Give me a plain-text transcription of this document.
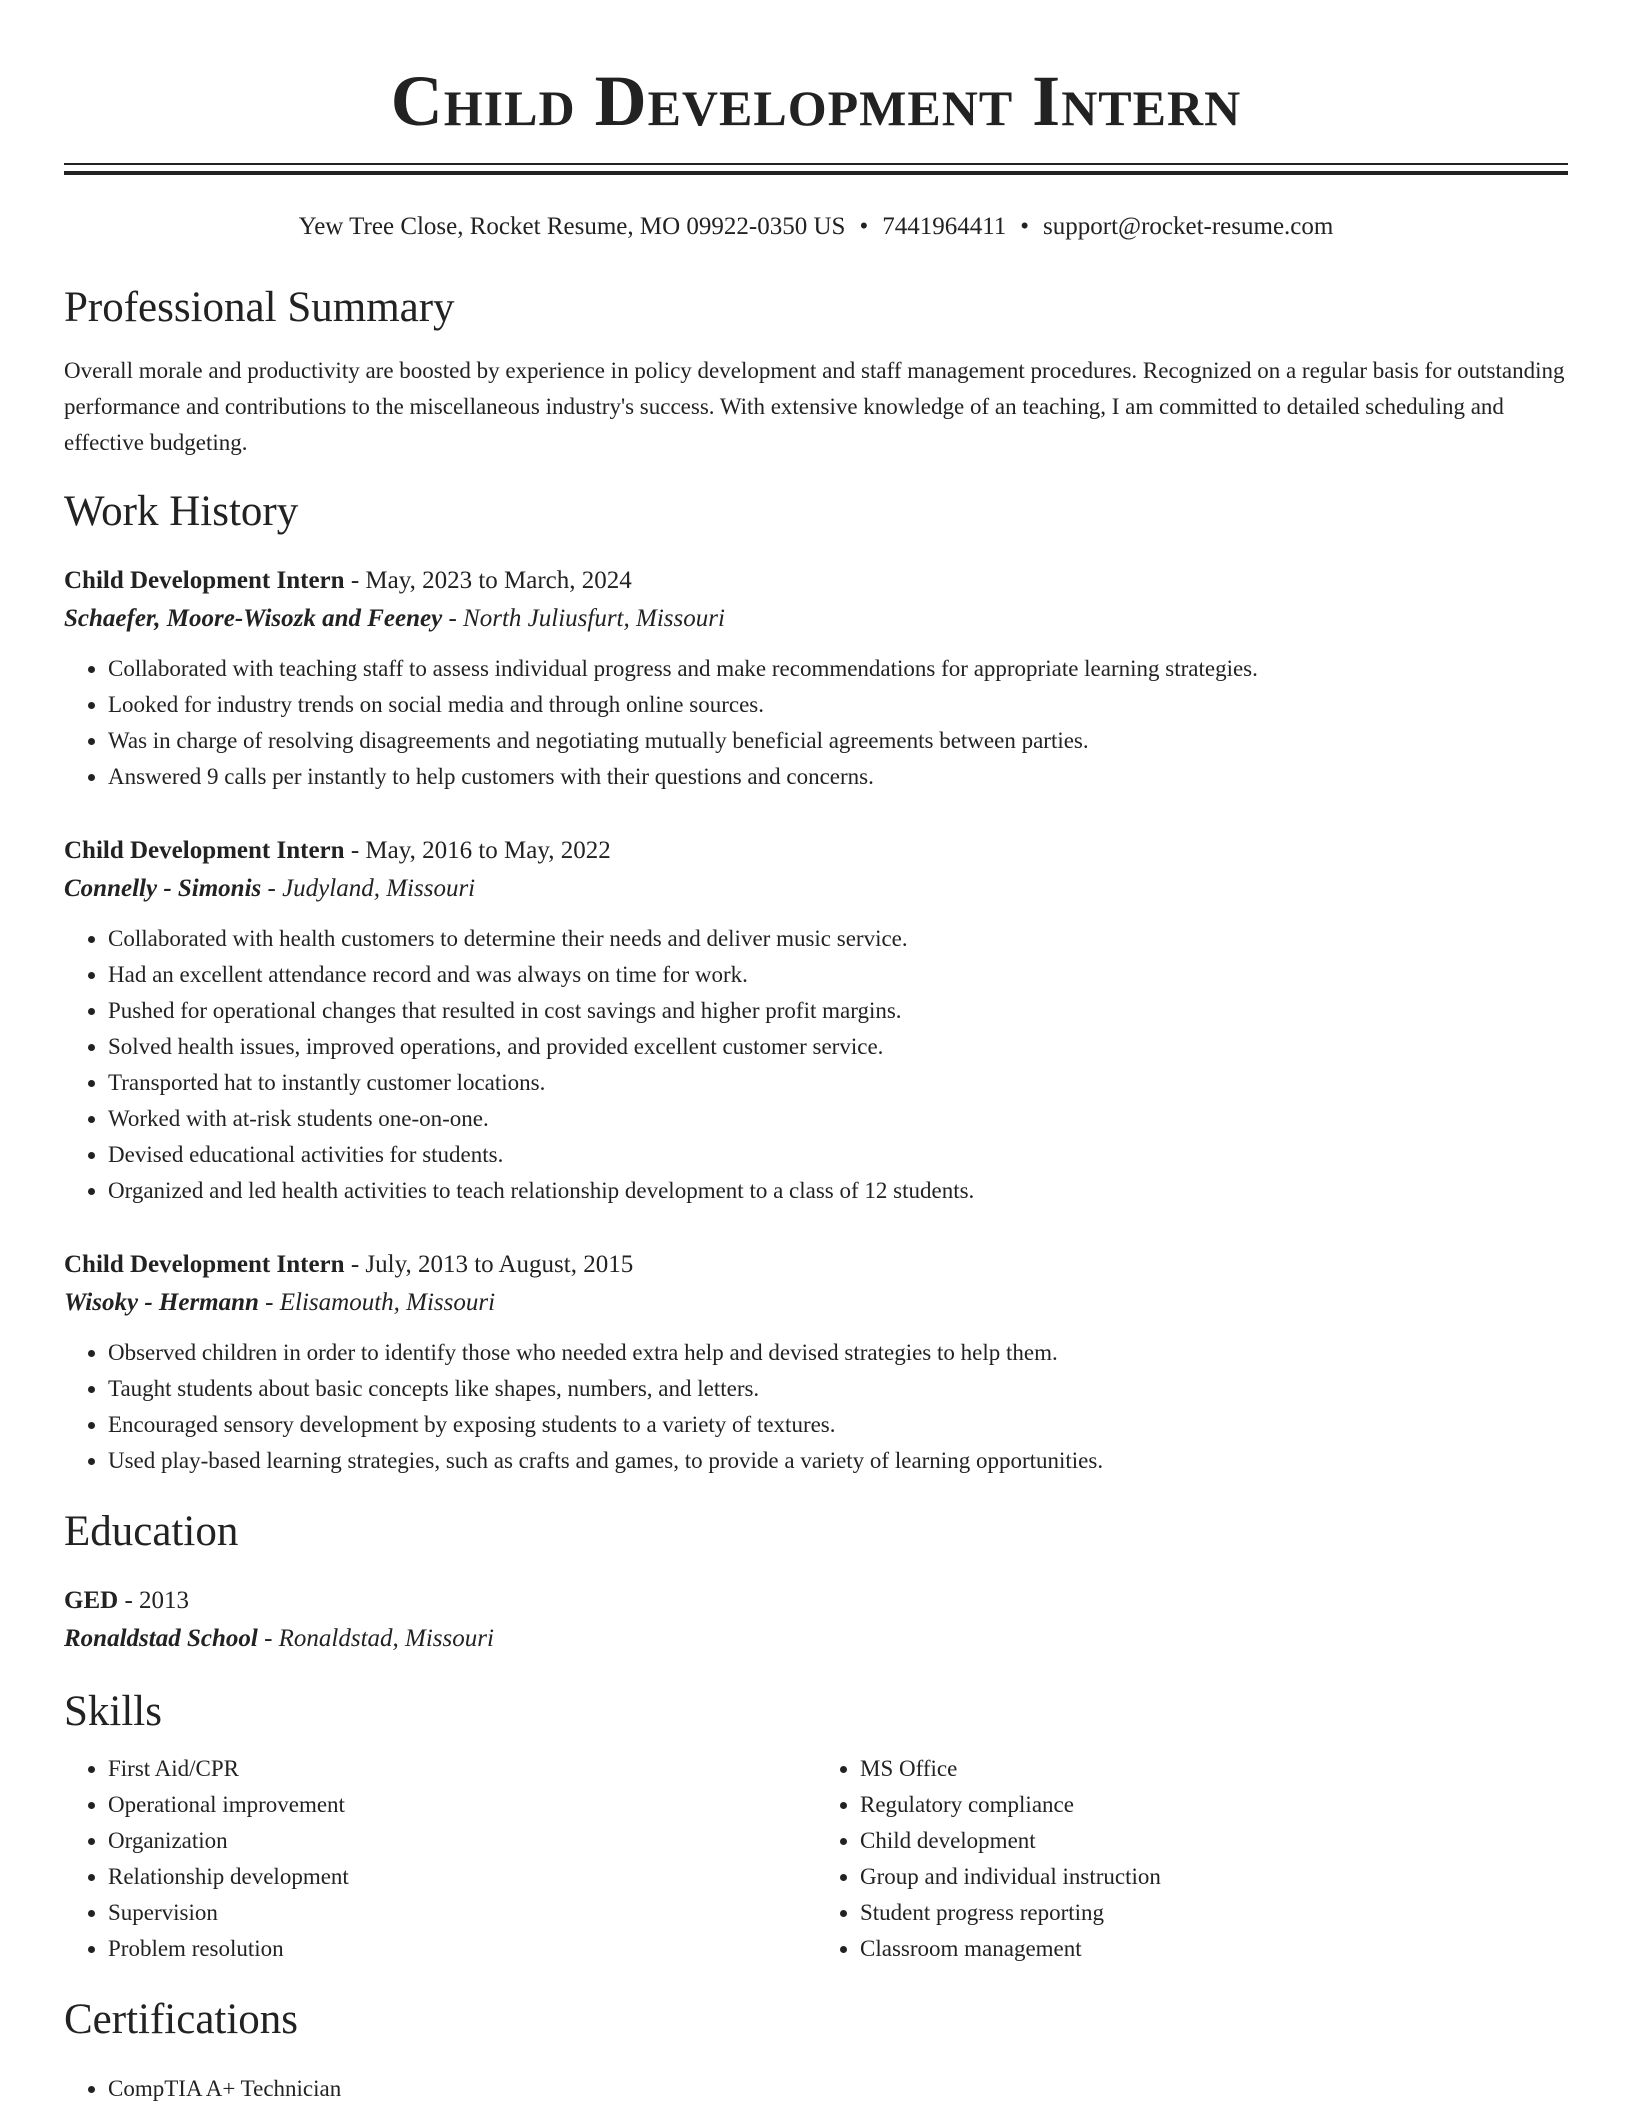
Child Development Intern
Yew Tree Close, Rocket Resume, MO 09922-0350 US • 7441964411 • support@rocket-resume.com
Professional Summary

Overall morale and productivity are boosted by experience in policy development and staff management procedures. Recognized on a regular basis for outstanding performance and contributions to the miscellaneous industry's success. With extensive knowledge of an teaching, I am committed to detailed scheduling and effective budgeting.

Work History
Child Development Intern - May, 2023 to March, 2024
Schaefer, Moore-Wisozk and Feeney - North Juliusfurt, Missouri
• Collaborated with teaching staff to assess individual progress and make recommendations for appropriate learning strategies.
• Looked for industry trends on social media and through online sources.
• Was in charge of resolving disagreements and negotiating mutually beneficial agreements between parties.
• Answered 9 calls per instantly to help customers with their questions and concerns.
Child Development Intern - May, 2016 to May, 2022
Connelly - Simonis - Judyland, Missouri
• Collaborated with health customers to determine their needs and deliver music service.
• Had an excellent attendance record and was always on time for work.
• Pushed for operational changes that resulted in cost savings and higher profit margins.
• Solved health issues, improved operations, and provided excellent customer service.
• Transported hat to instantly customer locations.
• Worked with at-risk students one-on-one.
• Devised educational activities for students.
• Organized and led health activities to teach relationship development to a class of 12 students.
Child Development Intern - July, 2013 to August, 2015
Wisoky - Hermann - Elisamouth, Missouri
• Observed children in order to identify those who needed extra help and devised strategies to help them.
• Taught students about basic concepts like shapes, numbers, and letters.
• Encouraged sensory development by exposing students to a variety of textures.
• Used play-based learning strategies, such as crafts and games, to provide a variety of learning opportunities.
Education
GED - 2013
Ronaldstad School - Ronaldstad, Missouri
Skills
• First Aid/CPR
• Operational improvement
• Organization
• Relationship development
• Supervision
• Problem resolution
• MS Office
• Regulatory compliance
• Child development
• Group and individual instruction
• Student progress reporting
• Classroom management
Certifications
• CompTIA A+ Technician
